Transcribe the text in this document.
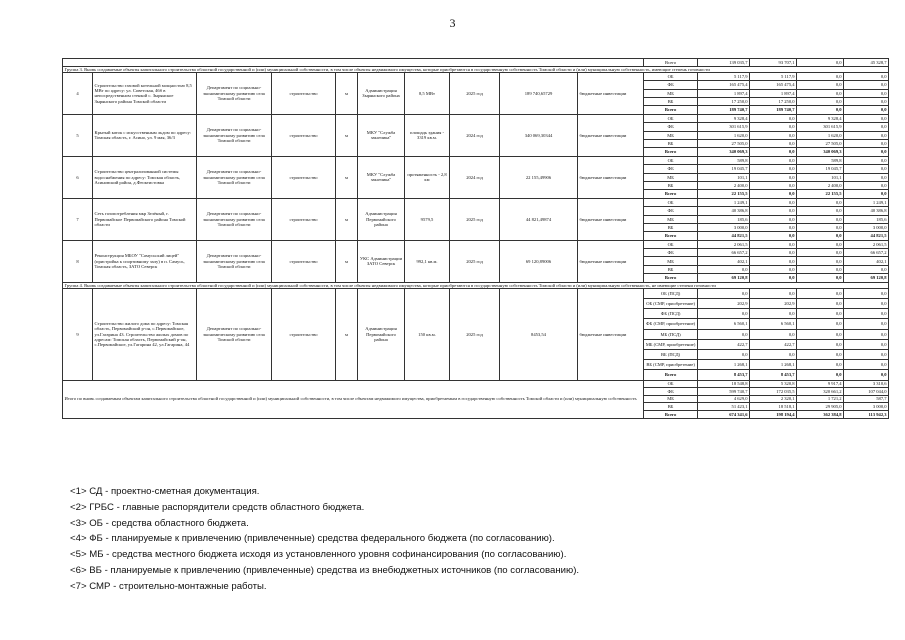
3
										Всего	139 035,7	93 707,1	0,0	45 328,7
Группа 3. Вновь создаваемые объекты капитального строительства областной государственной и (или) муниципальной собственности, в том числе объекты недвижимого имущества, которые приобретаются в государственную собственность Томской области и (или) муниципальную собственность, имеющие степень готовности														
4	Строительство газовой котельной мощностью 8,5 МВт по адресу: ул. Советская, 46б в непосредственном стенкой с. Зырянское Зырянского района Томской области	Департамент по социально-экономическому развитию села Томской области	строительство	м	Администрация Зырянского района	8,5 МВт	2025 год	189 740,65729	бюджетные инвестиции	ОБ	5 117,9	5 117,9	0,0	0,0
										ФБ	165 475,4	165 475,4	0,0	0,0
										МБ	1 897,4	1 897,4	0,0	0,0
										ВБ	17 250,0	17 250,0	0,0	0,0
										Всего	189 740,7	189 740,7	0,0	0,0
5	Крытый каток с искусственным льдом по адресу: Томская область, г. Асино, ул. 9 мая, 36/3	Департамент по социально-экономическому развитию села Томской области	строительство	м	МКУ "Служба заказчика"	площадь здания - 3319 кв.м.	2024 год	340 069,30344	бюджетные инвестиции	ОБ	9 328,4	0,0	9 328,4	0,0
										ФБ	301 615,9	0,0	301 615,9	0,0
										МБ	1 620,0	0,0	1 620,0	0,0
										ВБ	27 505,0	0,0	27 505,0	0,0
										Всего	340 069,3	0,0	340 069,3	0,0
6	Строительство централизованной системы водоснабжения по адресу: Томская область, Асиновский район, д.Феоктистовка	Департамент по социально-экономическому развитию села Томской области	строительство	м	МКУ "Служба заказчика"	протяженность - 2,8 км	2024 год	22 155,49906	бюджетные инвестиции	ОБ	589,8	0,0	589,8	0,0
										ФБ	19 045,7	0,0	19 045,7	0,0
										МБ	101,1	0,0	101,1	0,0
										ВБ	2 400,0	0,0	2 400,0	0,0
										Всего	22 155,5	0,0	22 155,5	0,0
7	Сеть газопотребления мкр Зелёный, г. Первомайское Первомайского района Томской области	Департамент по социально-экономическому развитию села Томской области	строительство	м	Администрация Первомайского района	9579,5	2025 год	44 821,49874	бюджетные инвестиции	ОБ	1 249,1	0,0	0,0	1 249,1
										ФБ	40 386,8	0,0	0,0	40 386,8
										МБ	185,6	0,0	0,0	185,6
										ВБ	3 000,0	0,0	0,0	3 000,0
										Всего	44 821,5	0,0	0,0	44 821,5
8	Реконструкция МБОУ "Самусьский лицей" (пристройка к спортивному залу) в п. Самусь, Томская область, ЗАТО Северск	Департамент по социально-экономическому развитию села Томской области	строительство	м	УКС Администрации ЗАТО Северск	992,1 кв.м.	2025 год	69 120,89006	бюджетные инвестиции	ОБ	2 061,5	0,0	0,0	2 061,5
										ФБ	66 657,2	0,0	0,0	66 657,2
										МБ	402,1	0,0	0,0	402,1
										ВБ	0,0	0,0	0,0	0,0
										Всего	69 120,8	0,0	0,0	69 120,8
Группа 4. Вновь создаваемые объекты капитального строительства областной государственной и (или) муниципальной собственности, в том числе объекты недвижимого имущества, которые приобретаются в государственную собственность Томской области и (или) муниципальную собственность, не имеющие степени готовности														
9	Строительство жилого дома по адресу: Томская область, Первомайский р-он, с.Первомайское, ул.Гагарина 43. Строительство жилых домов по адресам: Томская область, Первомайский р-он, с.Первомайское, ул.Гагарина 42, ул.Гагарина, 44	Департамент по социально-экономическому развитию села Томской области	строительство	м	Администрация Первомайского района	150 кв.м.	2025 год	8453,54	бюджетные инвестиции	ОБ (ПСД)	0,0	0,0	0,0	0,0
										ОБ (СМР, приобретение)	202,9	202,9	0,0	0,0
										ФБ (ПСД)	0,0	0,0	0,0	0,0
										ФБ (СМР, приобретение)	6 560,1	6 560,1	0,0	0,0
										МБ (ПСД)	0,0	0,0	0,0	0,0
										МБ (СМР, приобретение)	422,7	422,7	0,0	0,0
										ВБ (ПСД)	0,0	0,0	0,0	0,0
										ВБ (СМР, приобретение)	1 268,1	1 268,1	0,0	0,0
										Всего	8 453,7	8 453,7	0,0	0,0
Итого по вновь создаваемым объектам капитального строительства областной государственной и (или) муниципальной собственности, в том числе объектам недвижимого имущества, приобретаемым в государственную собственность Томской области и (или) муниципальную собственность										ОБ	18 548,8	5 320,8	9 917,4	3 310,6
										ФБ	599 740,7	172 035,5	320 661,2	107 044,0
										МБ	4 629,0	2 320,1	1 721,2	587,7
										ВБ	51 423,1	18 518,1	29 905,0	3 000,0
										Всего	674 341,6	198 194,4	362 384,8	113 942,3
<1> СД - проектно-сметная документация.
<2> ГРБС - главные распорядители средств областного бюджета.
<3> ОБ - средства областного бюджета.
<4> ФБ - планируемые к привлечению (привлеченные) средства федерального бюджета (по согласованию).
<5> МБ - средства местного бюджета исходя из установленного уровня софинансирования (по согласованию).
<6> ВБ - планируемые к привлечению (привлеченные) средства из внебюджетных источников (по согласованию).
<7> СМР - строительно-монтажные работы.
